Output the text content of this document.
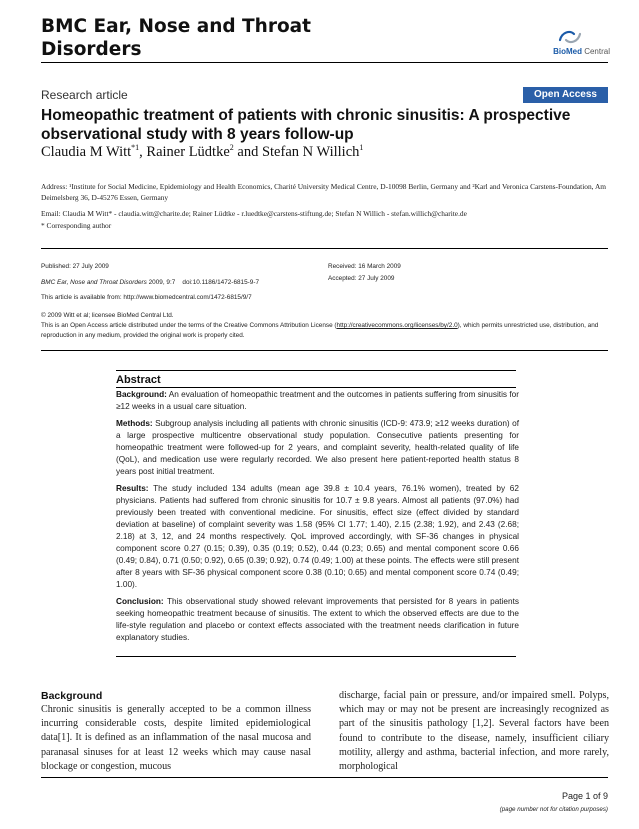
BMC Ear, Nose and Throat
Disorders	BioMed Central
Research article	Open Access
Homeopathic treatment of patients with chronic sinusitis: A prospective observational study with 8 years follow-up
Claudia M Witt$^{*1}$, Rainer Lüdtke$^2$ and Stefan N Willich$^1$
Address: ¹Institute for Social Medicine, Epidemiology and Health Economics, Charité University Medical Centre, D-10098 Berlin, Germany and ²Karl and Veronica Carstens-Foundation, Am Deimelsberg 36, D-45276 Essen, Germany
Email: Claudia M Witt* - claudia.witt@charite.de; Rainer Lüdtke - r.luedtke@carstens-stiftung.de; Stefan N Willich - stefan.willich@charite.de
* Corresponding author
Published: 27 July 2009
BMC Ear, Nose and Throat Disorders 2009, 9:7 doi:10.1186/1472-6815-9-7
Received: 16 March 2009
Accepted: 27 July 2009
This article is available from: http://www.biomedcentral.com/1472-6815/9/7
© 2009 Witt et al; licensee BioMed Central Ltd.
This is an Open Access article distributed under the terms of the Creative Commons Attribution License (http://creativecommons.org/licenses/by/2.0), which permits unrestricted use, distribution, and reproduction in any medium, provided the original work is properly cited.
Abstract

Background: An evaluation of homeopathic treatment and the outcomes in patients suffering from sinusitis for ≥12 weeks in a usual care situation.

Methods: Subgroup analysis including all patients with chronic sinusitis (ICD-9: 473.9; ≥12 weeks duration) of a large prospective multicentre observational study population. Consecutive patients presenting for homeopathic treatment were followed-up for 2 years, and complaint severity, health-related quality of life (QoL), and medication use were regularly recorded. We also present here patient-reported health status 8 years post initial treatment.

Results: The study included 134 adults (mean age 39.8 ± 10.4 years, 76.1% women), treated by 62 physicians. Patients had suffered from chronic sinusitis for 10.7 ± 9.8 years. Almost all patients (97.0%) had previously been treated with conventional medicine. For sinusitis, effect size (effect divided by standard deviation at baseline) of complaint severity was 1.58 (95% CI 1.77; 1.40), 2.15 (2.38; 1.92), and 2.43 (2.68; 2.18) at 3, 12, and 24 months respectively. QoL improved accordingly, with SF-36 changes in physical component score 0.27 (0.15; 0.39), 0.35 (0.19; 0.52), 0.44 (0.23; 0.65) and mental component score 0.66 (0.49; 0.84), 0.71 (0.50; 0.92), 0.65 (0.39; 0.92), 0.74 (0.49; 1.00) at these points. The effects were still present after 8 years with SF-36 physical component score 0.38 (0.10; 0.65) and mental component score 0.74 (0.49; 1.00).

Conclusion: This observational study showed relevant improvements that persisted for 8 years in patients seeking homeopathic treatment because of sinusitis. The extent to which the observed effects are due to the life-style regulation and placebo or context effects associated with the treatment needs clarification in future explanatory studies.

Background
Chronic sinusitis is generally accepted to be a common illness incurring considerable costs, despite limited epidemiological data[1]. It is defined as an inflammation of the nasal mucosa and paranasal sinuses for at least 12 weeks which may cause nasal blockage or congestion, mucous
discharge, facial pain or pressure, and/or impaired smell. Polyps, which may or may not be present are increasingly recognized as part of the sinusitis pathology [1,2]. Several factors have been found to contribute to the disease, namely, insufficient ciliary motility, allergy and asthma, bacterial infection, and more rarely, morphological
Page 1 of 9
(page number not for citation purposes)
